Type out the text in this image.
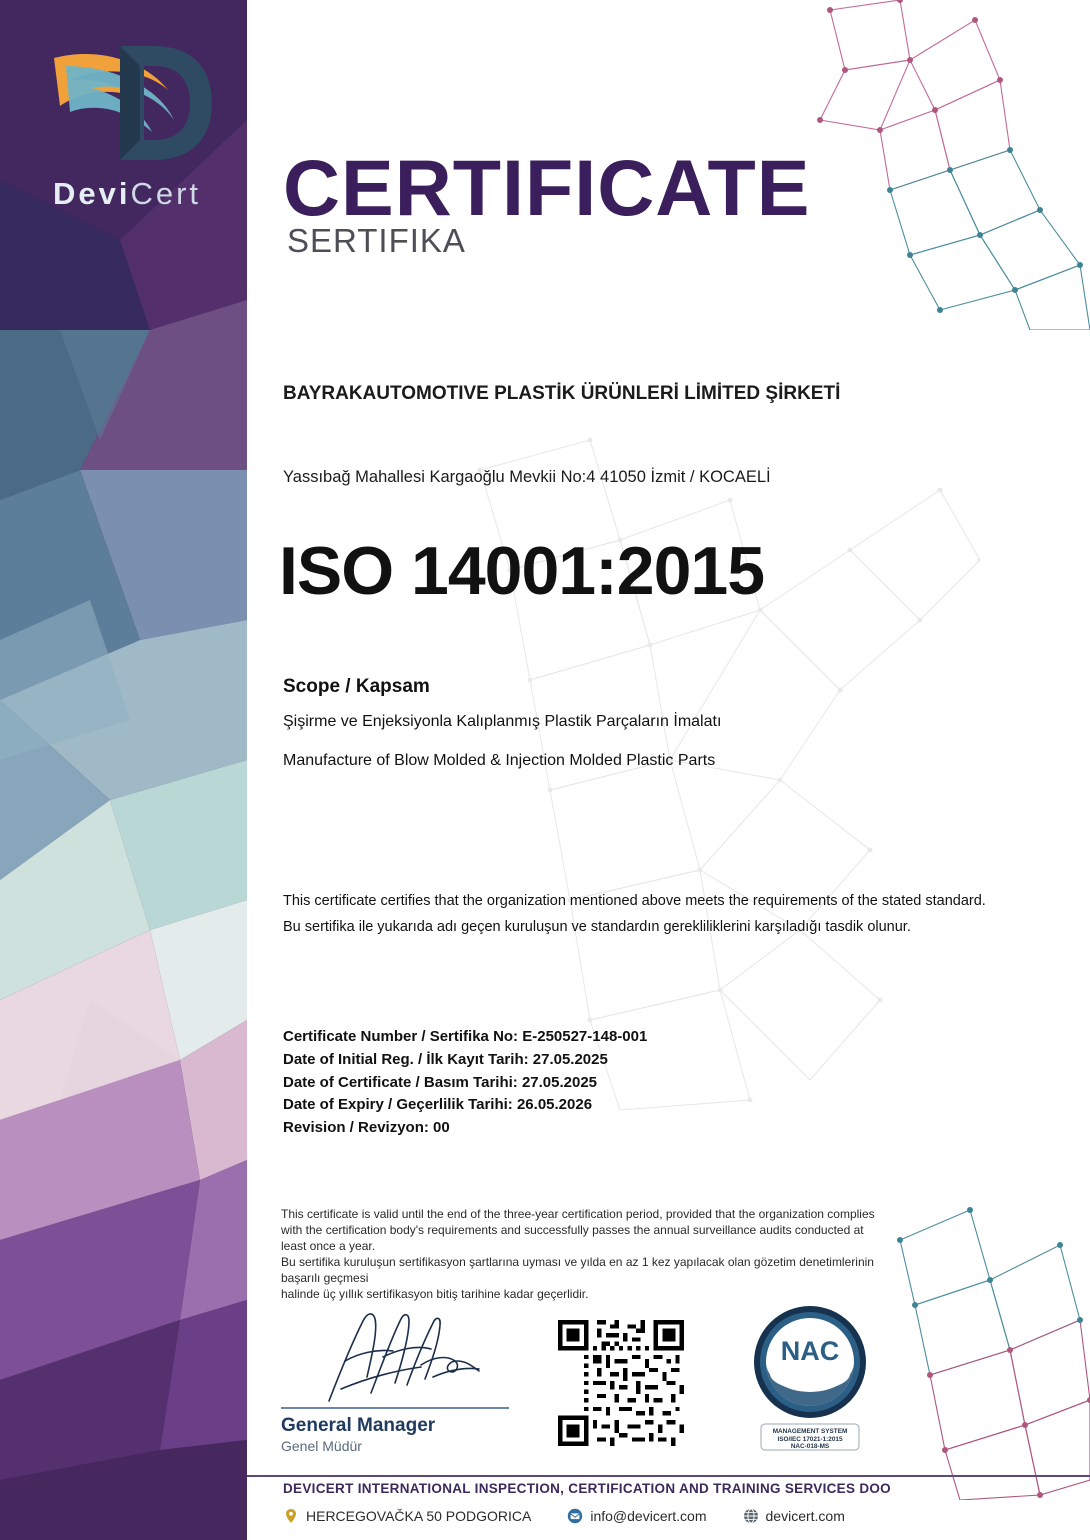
DeviCert	CERTIFICATE
SERTIFIKA
BAYRAKAUTOMOTIVE PLASTİK ÜRÜNLERİ LİMİTED ŞİRKETİ
Yassıbağ Mahallesi Kargaoğlu Mevkii No:4 41050 İzmit / KOCAELİ
ISO 14001:2015
Scope / Kapsam
Şişirme ve Enjeksiyonla Kalıplanmış Plastik Parçaların İmalatı
Manufacture of Blow Molded & Injection Molded Plastic Parts
This certificate certifies that the organization mentioned above meets the requirements of the stated standard.
Bu sertifika ile yukarıda adı geçen kuruluşun ve standardın gerekliliklerini karşıladığı tasdik olunur.
Certificate Number / Sertifika No: E-250527-148-001
Date of Initial Reg. / İlk Kayıt Tarih: 27.05.2025
Date of Certificate / Basım Tarihi: 27.05.2025
Date of Expiry / Geçerlilik Tarihi: 26.05.2026
Revision / Revizyon: 00
This certificate is valid until the end of the three-year certification period, provided that the organization complies
with the certification body's requirements and successfully passes the annual surveillance audits conducted at
least once a year.
Bu sertifika kuruluşun sertifikasyon şartlarına uyması ve yılda en az 1 kez yapılacak olan gözetim denetimlerinin başarılı geçmesi
halinde üç yıllık sertifikasyon bitiş tarihine kadar geçerlidir.
General Manager
Genel Müdür
NAC
MANAGEMENT SYSTEM
ISO/IEC 17021-1:2015
NAC-018-MS
DEVICERT INTERNATIONAL INSPECTION, CERTIFICATION AND TRAINING SERVICES DOO
HERCEGOVAČKA 50 PODGORICA	info@devicert.com	devicert.com
